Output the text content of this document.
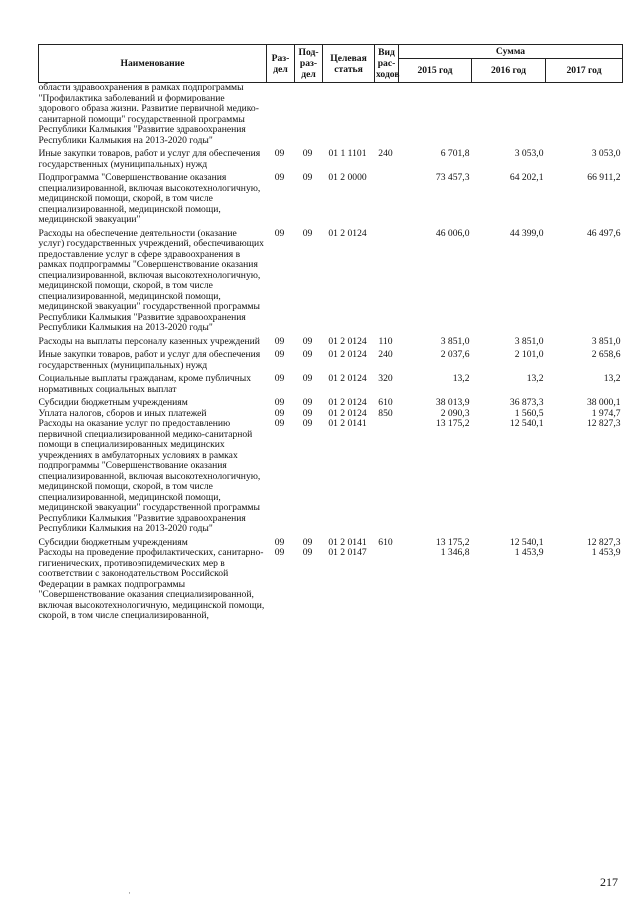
Наименование	Раз-дел	Под-раз-дел	Целевая статья	Вид рас-ходов	Сумма		
					2015 год	2016 год	2017 год
области здравоохранения в рамках подпрограммы "Профилактика заболеваний и формирование здорового образа жизни. Развитие первичной медико-санитарной помощи" государственной программы Республики Калмыкия "Развитие здравоохранения Республики Калмыкия на 2013-2020 годы"							
Иные закупки товаров, работ и услуг для обеспечения государственных (муниципальных) нужд	09	09	01 1 1101	240	6 701,8	3 053,0	3 053,0
Подпрограмма "Совершенствование оказания специализированной, включая высокотехнологичную, медицинской помощи, скорой, в том числе специализированной, медицинской помощи, медицинской эвакуации"	09	09	01 2 0000		73 457,3	64 202,1	66 911,2
Расходы на обеспечение деятельности (оказание услуг) государственных учреждений, обеспечивающих предоставление услуг в сфере здравоохранения в рамках подпрограммы "Совершенствование оказания специализированной, включая высокотехнологичную, медицинской помощи, скорой, в том числе специализированной, медицинской помощи, медицинской эвакуации" государственной программы Республики Калмыкия "Развитие здравоохранения Республики Калмыкия на 2013-2020 годы"	09	09	01 2 0124		46 006,0	44 399,0	46 497,6
Расходы на выплаты персоналу казенных учреждений	09	09	01 2 0124	110	3 851,0	3 851,0	3 851,0
Иные закупки товаров, работ и услуг для обеспечения государственных (муниципальных) нужд	09	09	01 2 0124	240	2 037,6	2 101,0	2 658,6
Социальные выплаты гражданам, кроме публичных нормативных социальных выплат	09	09	01 2 0124	320	13,2	13,2	13,2
Субсидии бюджетным учреждениям	09	09	01 2 0124	610	38 013,9	36 873,3	38 000,1
Уплата налогов, сборов и иных платежей	09	09	01 2 0124	850	2 090,3	1 560,5	1 974,7
Расходы на оказание услуг по предоставлению первичной специализированной медико-санитарной помощи в специализированных медицинских учреждениях в амбулаторных условиях в рамках подпрограммы "Совершенствование оказания специализированной, включая высокотехнологичную, медицинской помощи, скорой, в том числе специализированной, медицинской помощи, медицинской эвакуации" государственной программы Республики Калмыкия "Развитие здравоохранения Республики Калмыкия на 2013-2020 годы"	09	09	01 2 0141		13 175,2	12 540,1	12 827,3
Субсидии бюджетным учреждениям	09	09	01 2 0141	610	13 175,2	12 540,1	12 827,3
Расходы на проведение профилактических, санитарно-гигиенических, противоэпидемических мер в соответствии с законодательством Российской Федерации в рамках подпрограммы "Совершенствование оказания специализированной, включая высокотехнологичную, медицинской помощи, скорой, в том числе специализированной,	09	09	01 2 0147		1 346,8	1 453,9	1 453,9
·
217
